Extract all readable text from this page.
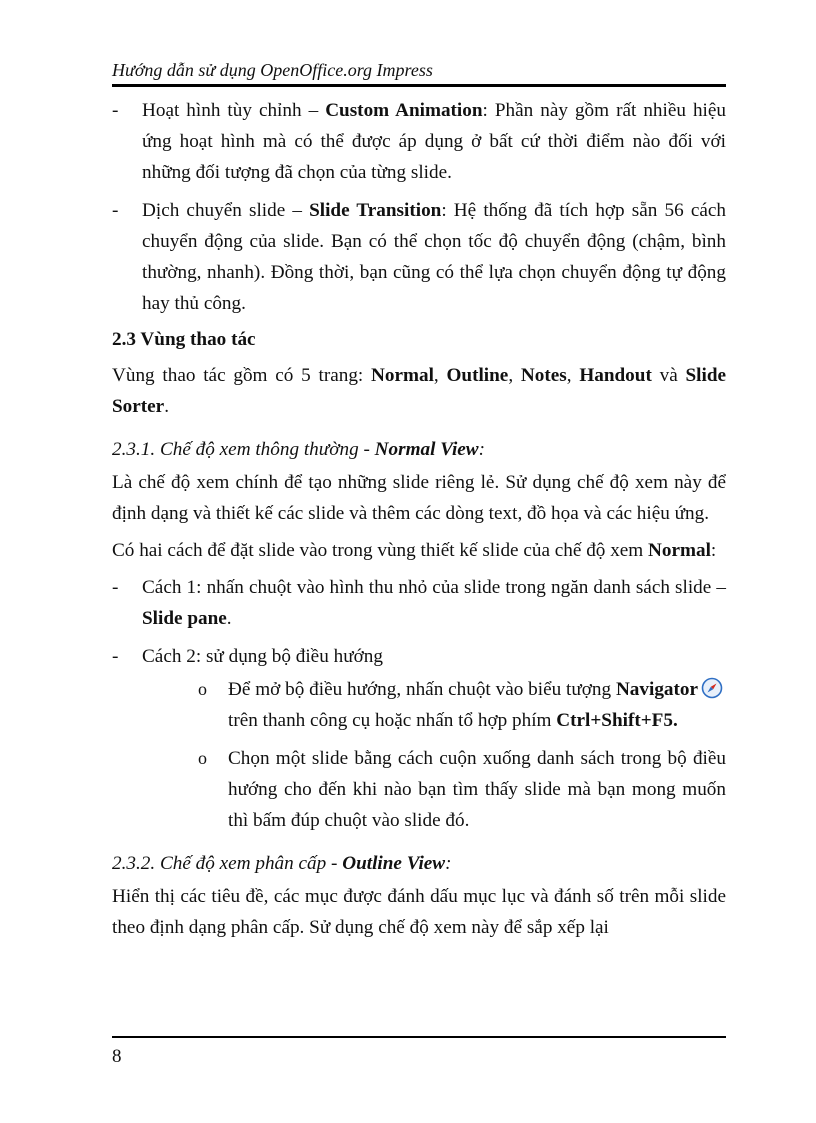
Hướng dẫn sử dụng OpenOffice.org Impress
-	Hoạt hình tùy chỉnh – Custom Animation: Phần này gồm rất nhiều hiệu ứng hoạt hình mà có thể được áp dụng ở bất cứ thời điểm nào đối với những đối tượng đã chọn của từng slide.
-	Dịch chuyển slide – Slide Transition: Hệ thống đã tích hợp sẵn 56 cách chuyển động của slide. Bạn có thể chọn tốc độ chuyển động (chậm, bình thường, nhanh). Đồng thời, bạn cũng có thể lựa chọn chuyển động tự động hay thủ công.

2.3 Vùng thao tác

Vùng thao tác gồm có 5 trang: Normal, Outline, Notes, Handout và Slide Sorter.

2.3.1. Chế độ xem thông thường - Normal View:

Là chế độ xem chính để tạo những slide riêng lẻ. Sử dụng chế độ xem này để định dạng và thiết kế các slide và thêm các dòng text, đồ họa và các hiệu ứng.

Có hai cách để đặt slide vào trong vùng thiết kế slide của chế độ xem Normal:

-	Cách 1: nhấn chuột vào hình thu nhỏ của slide trong ngăn danh sách slide – Slide pane.
-	Cách 2: sử dụng bộ điều hướng
o Để mở bộ điều hướng, nhấn chuột vào biểu tượng Navigator trên thanh công cụ hoặc nhấn tổ hợp phím Ctrl+Shift+F5.
o Chọn một slide bằng cách cuộn xuống danh sách trong bộ điều hướng cho đến khi nào bạn tìm thấy slide mà bạn mong muốn thì bấm đúp chuột vào slide đó.

2.3.2. Chế độ xem phân cấp - Outline View:

Hiển thị các tiêu đề, các mục được đánh dấu mục lục và đánh số trên mỗi slide theo định dạng phân cấp. Sử dụng chế độ xem này để sắp xếp lại

8
